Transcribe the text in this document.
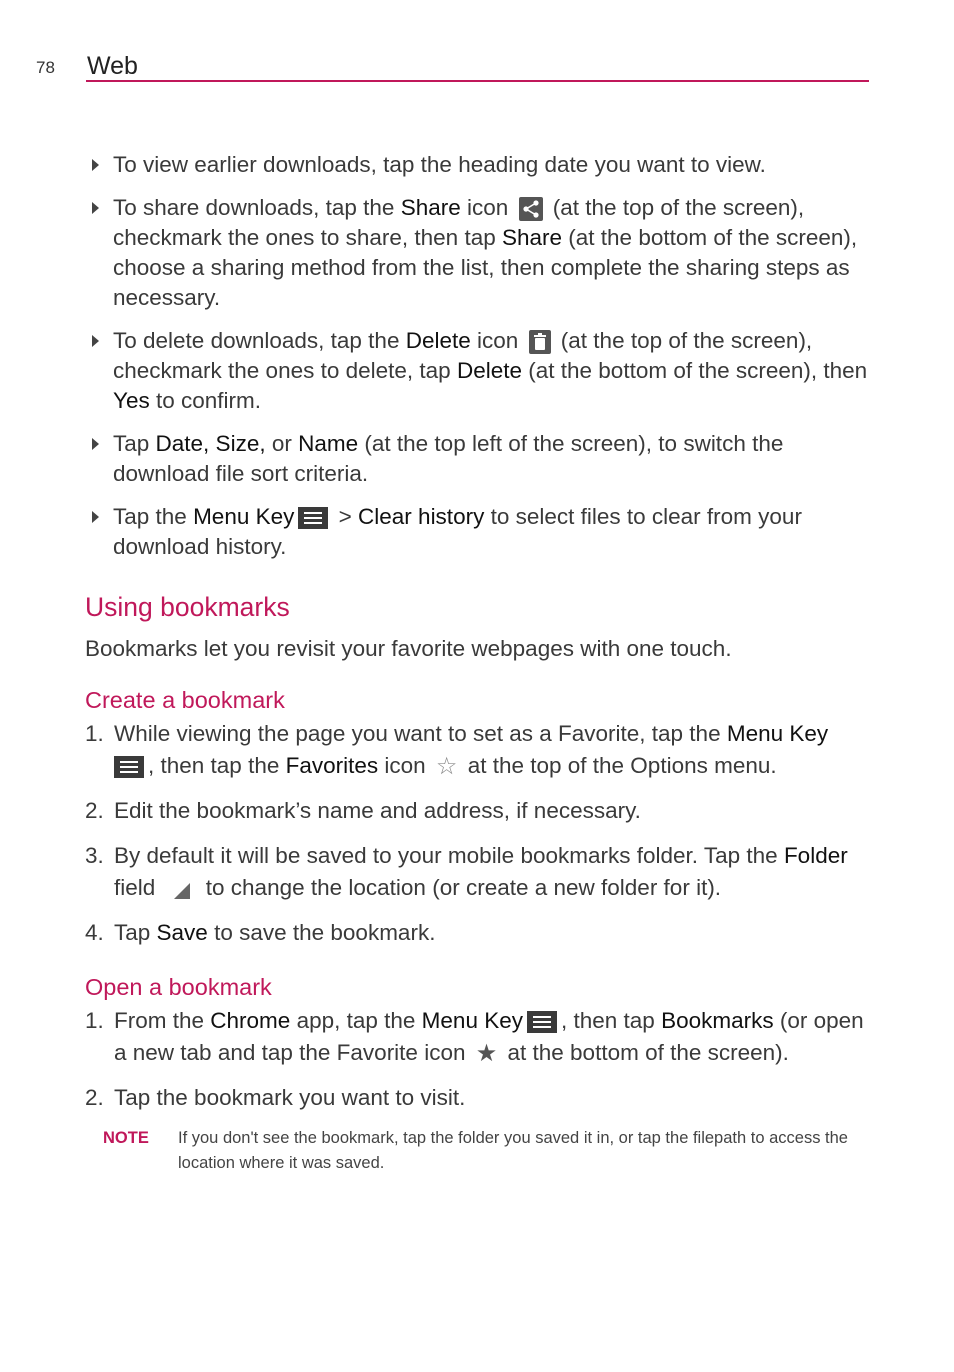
78 Web
To view earlier downloads, tap the heading date you want to view.
To share downloads, tap the Share icon  (at the top of the screen), checkmark the ones to share, then tap Share (at the bottom of the screen), choose a sharing method from the list, then complete the sharing steps as necessary.
To delete downloads, tap the Delete icon  (at the top of the screen), checkmark the ones to delete, tap Delete (at the bottom of the screen), then Yes to confirm.
Tap Date, Size, or Name (at the top left of the screen), to switch the download file sort criteria.
Tap the Menu Key
> Clear history to select files to clear from your download history.
Using bookmarks

Bookmarks let you revisit your favorite webpages with one touch.

Create a bookmark
1. While viewing the page you want to set as a Favorite, tap the Menu Key

, then tap the Favorites icon ☆ at the top of the Options menu.
2. Edit the bookmark’s name and address, if necessary.
3. By default it will be saved to your mobile bookmarks folder. Tap the Folder field  to change the location (or create a new folder for it).
4. Tap Save to save the bookmark.
Open a bookmark
1. From the Chrome app, tap the Menu Key , then tap Bookmarks (or open a new tab and tap the Favorite icon ★ at the bottom of the screen).
2. Tap the bookmark you want to visit.
NOTE If you don't see the bookmark, tap the folder you saved it in, or tap the filepath to access the location where it was saved.
